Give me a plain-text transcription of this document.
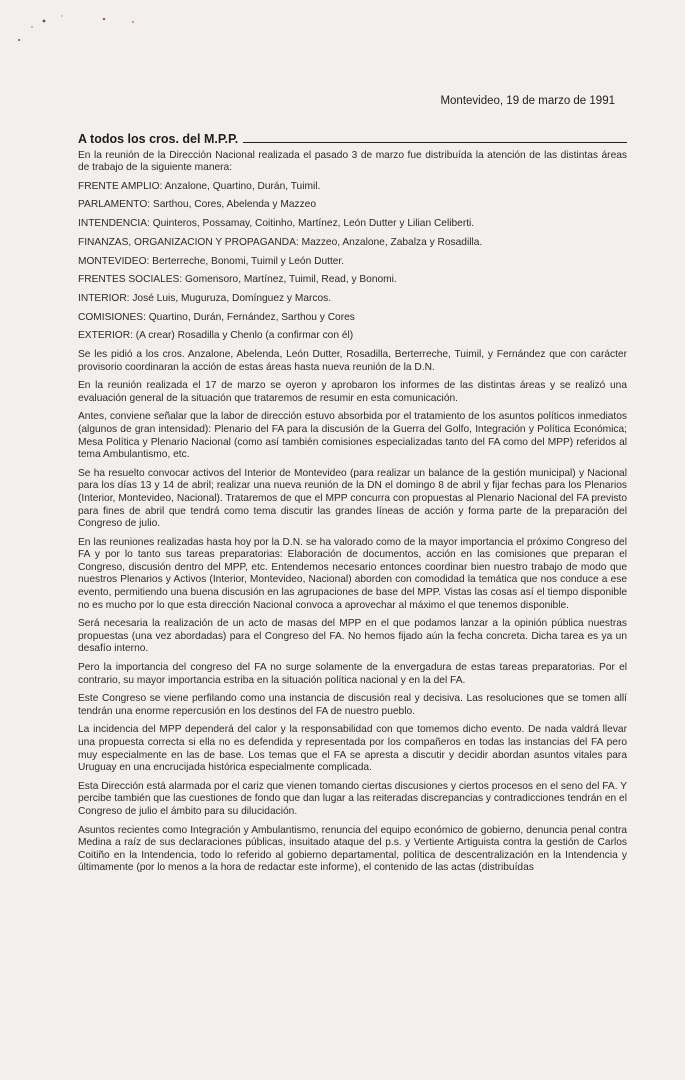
Montevideo, 19 de marzo de 1991
A todos los cros. del M.P.P.

En la reunión de la Dirección Nacional realizada el pasado 3 de marzo fue distribuída la atención de las distintas áreas de trabajo de la siguiente manera:

FRENTE AMPLIO: Anzalone, Quartino, Durán, Tuimil.

PARLAMENTO: Sarthou, Cores, Abelenda y Mazzeo

INTENDENCIA: Quinteros, Possamay, Coitinho, Martínez, León Dutter y Lilian Celiberti.

FINANZAS, ORGANIZACION Y PROPAGANDA: Mazzeo, Anzalone, Zabalza y Rosadilla.

MONTEVIDEO: Berterreche, Bonomi, Tuimil y León Dutter.

FRENTES SOCIALES: Gomensoro, Martínez, Tuimil, Read, y Bonomi.

INTERIOR: José Luis, Muguruza, Domínguez y Marcos.

COMISIONES: Quartino, Durán, Fernández, Sarthou y Cores

EXTERIOR: (A crear) Rosadilla y Chenlo (a confirmar con él)

Se les pidió a los cros. Anzalone, Abelenda, León Dutter, Rosadilla, Berterreche, Tuimil, y Fernández que con carácter provisorio coordinaran la acción de estas áreas hasta nueva reunión de la D.N.

En la reunión realizada el 17 de marzo se oyeron y aprobaron los informes de las distintas áreas y se realizó una evaluación general de la situación que trataremos de resumir en esta comunicación.

Antes, conviene señalar que la labor de dirección estuvo absorbida por el tratamiento de los asuntos políticos inmediatos (algunos de gran intensidad): Plenario del FA para la discusión de la Guerra del Golfo, Integración y Política Económica; Mesa Política y Plenario Nacional (como así también comisiones especializadas tanto del FA como del MPP) referidos al tema Ambulantismo, etc.

Se ha resuelto convocar activos del Interior de Montevideo (para realizar un balance de la gestión municipal) y Nacional para los días 13 y 14 de abril; realizar una nueva reunión de la DN el domingo 8 de abril y fijar fechas para los Plenarios (Interior, Montevideo, Nacional). Trataremos de que el MPP concurra con propuestas al Plenario Nacional del FA previsto para fines de abril que tendrá como tema discutir las grandes líneas de acción y forma parte de la preparación del Congreso de julio.

En las reuniones realizadas hasta hoy por la D.N. se ha valorado como de la mayor importancia el próximo Congreso del FA y por lo tanto sus tareas preparatorias: Elaboración de documentos, acción en las comisiones que preparan el Congreso, discusión dentro del MPP, etc. Entendemos necesario entonces coordinar bien nuestro trabajo de modo que nuestros Plenarios y Activos (Interior, Montevideo, Nacional) aborden con comodidad la temática que nos conduce a ese evento, permitiendo una buena discusión en las agrupaciones de base del MPP. Vistas las cosas así el tiempo disponible no es mucho por lo que esta dirección Nacional convoca a aprovechar al máximo el que tenemos disponible.

Será necesaria la realización de un acto de masas del MPP en el que podamos lanzar a la opinión pública nuestras propuestas (una vez abordadas) para el Congreso del FA. No hemos fijado aún la fecha concreta. Dicha tarea es ya un desafío interno.

Pero la importancia del congreso del FA no surge solamente de la envergadura de estas tareas preparatorias. Por el contrario, su mayor importancia estriba en la situación política nacional y en la del FA.

Este Congreso se viene perfilando como una instancia de discusión real y decisiva. Las resoluciones que se tomen allí tendrán una enorme repercusión en los destinos del FA de nuestro pueblo.

La incidencia del MPP dependerá del calor y la responsabilidad con que tomemos dicho evento. De nada valdrá llevar una propuesta correcta si ella no es defendida y representada por los compañeros en todas las instancias del FA pero muy especialmente en las de base. Los temas que el FA se apresta a discutir y decidir abordan asuntos vitales para Uruguay en una encrucijada histórica especialmente complicada.

Esta Dirección está alarmada por el cariz que vienen tomando ciertas discusiones y ciertos procesos en el seno del FA. Y percibe también que las cuestiones de fondo que dan lugar a las reiteradas discrepancias y contradicciones tendrán en el Congreso de julio el ámbito para su dilucidación.

Asuntos recientes como Integración y Ambulantismo, renuncia del equipo económico de gobierno, denuncia penal contra Medina a raíz de sus declaraciones públicas, insuitado ataque del p.s. y Vertiente Artiguista contra la gestión de Carlos Coitiño en la Intendencia, todo lo referido al gobierno departamental, política de descentralización en la Intendencia y últimamente (por lo menos a la hora de redactar este informe), el contenido de las actas (distribuídas
